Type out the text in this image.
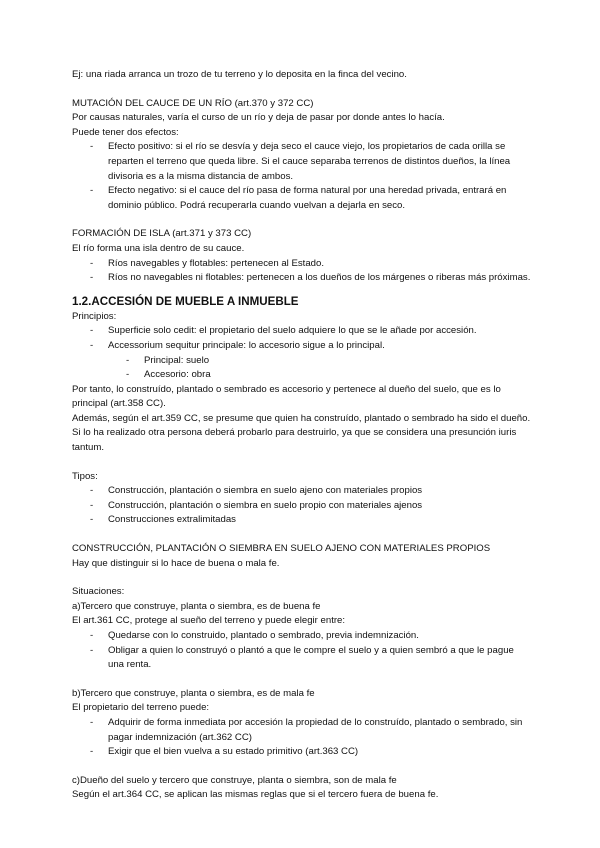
Ej: una riada arranca un trozo de tu terreno y lo deposita en la finca del vecino.

MUTACIÓN DEL CAUCE DE UN RÍO (art.370 y 372 CC)

Por causas naturales, varía el curso de un río y deja de pasar por donde antes lo hacía.

Puede tener dos efectos:

- Efecto positivo: si el río se desvía y deja seco el cauce viejo, los propietarios de cada orilla se reparten el terreno que queda libre. Si el cauce separaba terrenos de distintos dueños, la línea divisoria es a la misma distancia de ambos.
- Efecto negativo: si el cauce del río pasa de forma natural por una heredad privada, entrará en dominio público. Podrá recuperarla cuando vuelvan a dejarla en seco.

FORMACIÓN DE ISLA (art.371 y 373 CC)

El río forma una isla dentro de su cauce.

- Ríos navegables y flotables: pertenecen al Estado.
- Ríos no navegables ni flotables: pertenecen a los dueños de los márgenes o riberas más próximas.
1.2.ACCESIÓN DE MUEBLE A INMUEBLE

Principios:

- Superficie solo cedit: el propietario del suelo adquiere lo que se le añade por accesión.
- Accessorium sequitur principale: lo accesorio sigue a lo principal.
- Principal: suelo
- Accesorio: obra

Por tanto, lo construído, plantado o sembrado es accesorio y pertenece al dueño del suelo, que es lo principal (art.358 CC).

Además, según el art.359 CC, se presume que quien ha construído, plantado o sembrado ha sido el dueño. Si lo ha realizado otra persona deberá probarlo para destruirlo, ya que se considera una presunción iuris tantum.

Tipos:

- Construcción, plantación o siembra en suelo ajeno con materiales propios
- Construcción, plantación o siembra en suelo propio con materiales ajenos
- Construcciones extralimitadas

CONSTRUCCIÓN, PLANTACIÓN O SIEMBRA EN SUELO AJENO CON MATERIALES PROPIOS

Hay que distinguir si lo hace de buena o mala fe.

Situaciones:

a)Tercero que construye, planta o siembra, es de buena fe

El art.361 CC, protege al sueño del terreno y puede elegir entre:

- Quedarse con lo construido, plantado o sembrado, previa indemnización.
- Obligar a quien lo construyó o plantó a que le compre el suelo y a quien sembró a que le pague una renta.

b)Tercero que construye, planta o siembra, es de mala fe

El propietario del terreno puede:

- Adquirir de forma inmediata por accesión la propiedad de lo construído, plantado o sembrado, sin pagar indemnización (art.362 CC)
- Exigir que el bien vuelva a su estado primitivo (art.363 CC)

c)Dueño del suelo y tercero que construye, planta o siembra, son de mala fe

Según el art.364 CC, se aplican las mismas reglas que si el tercero fuera de buena fe.
